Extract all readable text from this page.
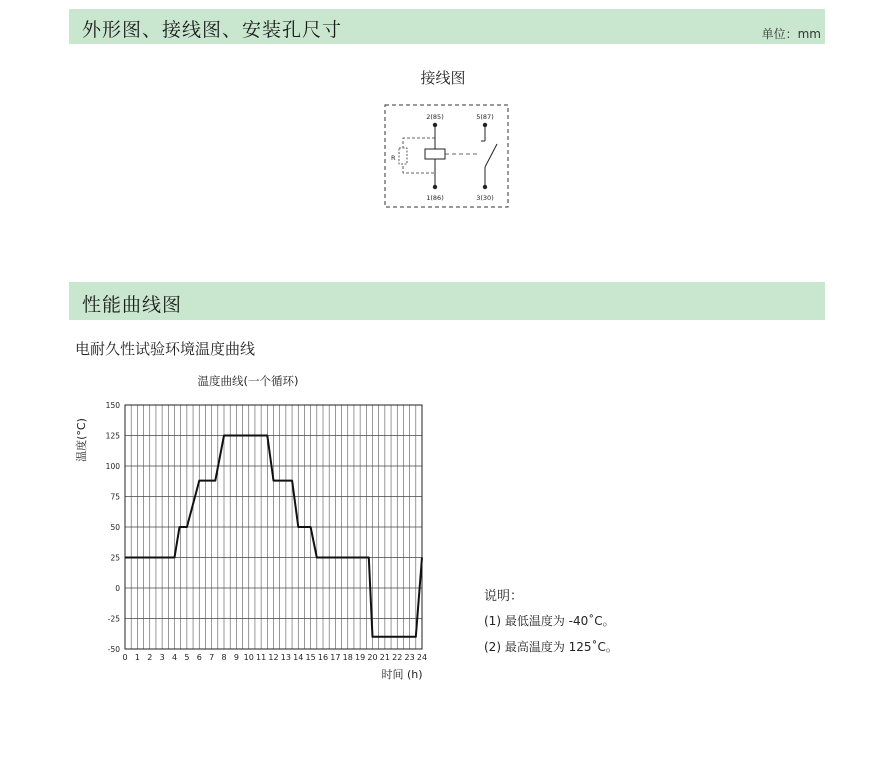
外形图、接线图、安装孔尺寸	单位：mm
接线图
2(85)	5(87)
1(86)	3(30)
R
性能曲线图
电耐久性试验环境温度曲线
温度曲线(一个循环)
温度(°C)
时间 (h)
0 1 2 3 4 5 6 7 8 9 10 11 12 13 14 15 16 17 18 19 20 21 22 23 24
150
125
100
75
50
25
0
-25
-50
说明：
(1) 最低温度为 -40˚C。
(2) 最高温度为 125˚C。
